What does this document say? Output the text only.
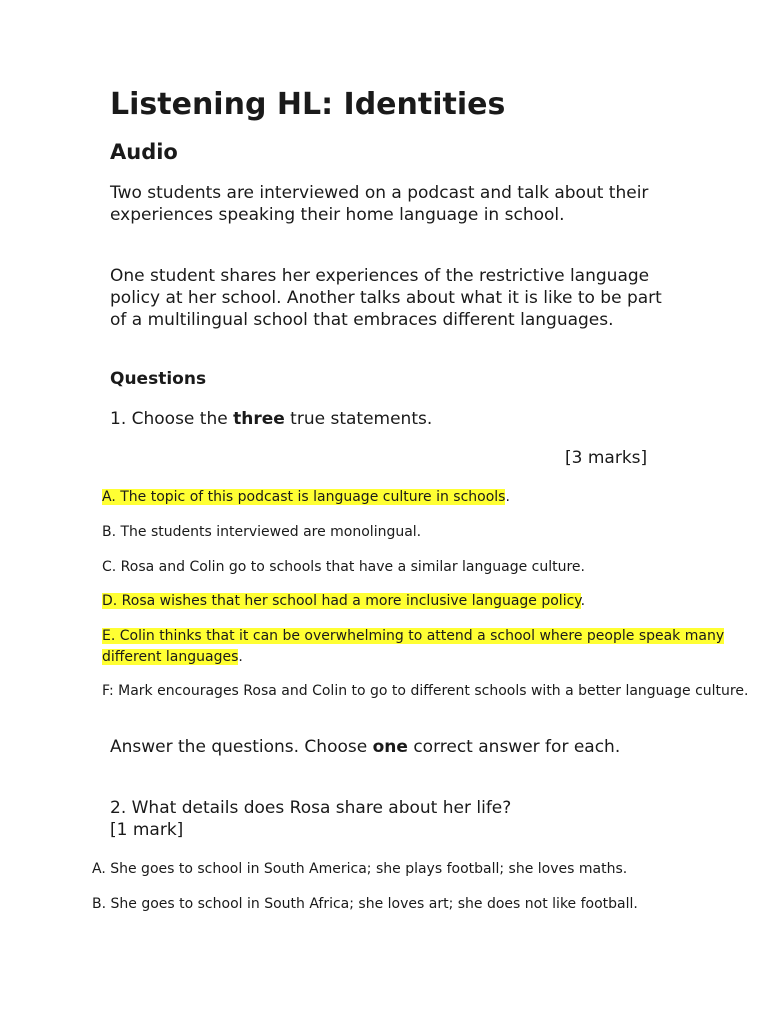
Listening HL: Identities
Audio

Two students are interviewed on a podcast and talk about their experiences speaking their home language in school.

One student shares her experiences of the restrictive language policy at her school. Another talks about what it is like to be part of a multilingual school that embraces different languages.

Questions
1. Choose the three true statements.
[3 marks]
A. The topic of this podcast is language culture in schools.
B. The students interviewed are monolingual.
C. Rosa and Colin go to schools that have a similar language culture.
D. Rosa wishes that her school had a more inclusive language policy.
E. Colin thinks that it can be overwhelming to attend a school where people speak many different languages.
F: Mark encourages Rosa and Colin to go to different schools with a better language culture.
Answer the questions. Choose one correct answer for each.
2. What details does Rosa share about her life?
[1 mark]
A. She goes to school in South America; she plays football; she loves maths.
B. She goes to school in South Africa; she loves art; she does not like football.
